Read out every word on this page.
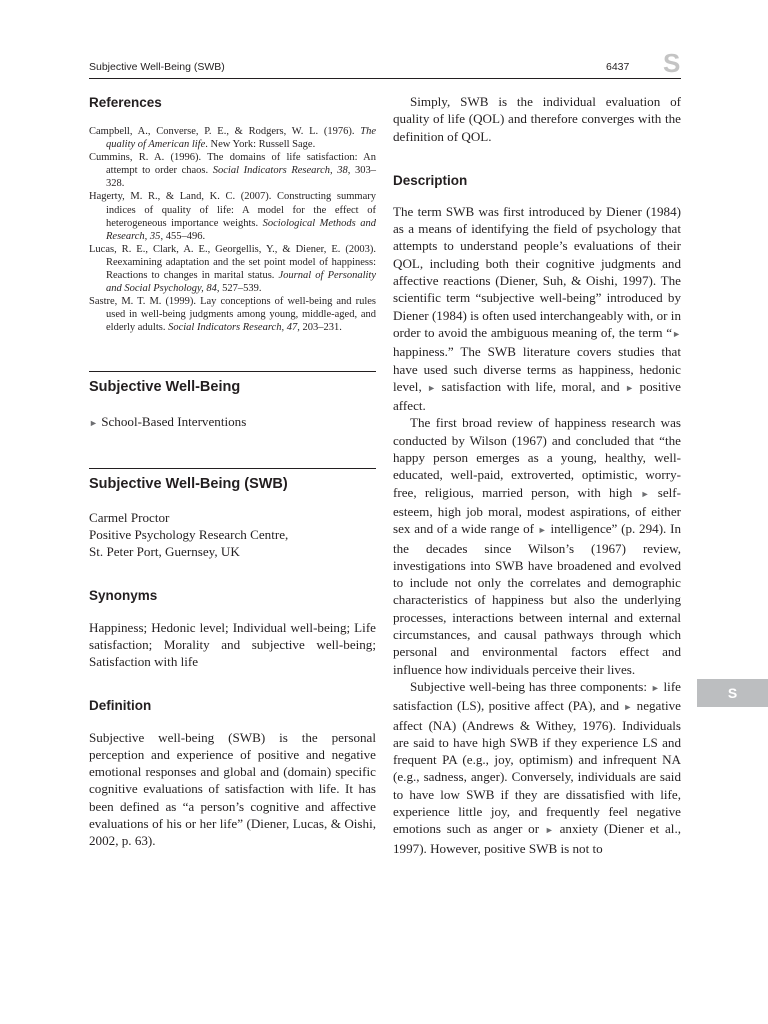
Subjective Well-Being (SWB)	6437 S
References

Campbell, A., Converse, P. E., & Rodgers, W. L. (1976). The quality of American life. New York: Russell Sage.

Cummins, R. A. (1996). The domains of life satisfaction: An attempt to order chaos. Social Indicators Research, 38, 303–328.

Hagerty, M. R., & Land, K. C. (2007). Constructing summary indices of quality of life: A model for the effect of heterogeneous importance weights. Sociological Methods and Research, 35, 455–496.

Lucas, R. E., Clark, A. E., Georgellis, Y., & Diener, E. (2003). Reexamining adaptation and the set point model of happiness: Reactions to changes in marital status. Journal of Personality and Social Psychology, 84, 527–539.

Sastre, M. T. M. (1999). Lay conceptions of well-being and rules used in well-being judgments among young, middle-aged, and elderly adults. Social Indicators Research, 47, 203–231.

Subjective Well-Being

► School-Based Interventions

Subjective Well-Being (SWB)

Carmel Proctor

Positive Psychology Research Centre,

St. Peter Port, Guernsey, UK

Synonyms

Happiness; Hedonic level; Individual well-being; Life satisfaction; Morality and subjective well-being; Satisfaction with life

Definition

Subjective well-being (SWB) is the personal perception and experience of positive and negative emotional responses and global and (domain) specific cognitive evaluations of satisfaction with life. It has been defined as “a person’s cognitive and affective evaluations of his or her life” (Diener, Lucas, & Oishi, 2002, p. 63).

Simply, SWB is the individual evaluation of quality of life (QOL) and therefore converges with the definition of QOL.

Description

The term SWB was first introduced by Diener (1984) as a means of identifying the field of psychology that attempts to understand people’s evaluations of their QOL, including both their cognitive judgments and affective reactions (Diener, Suh, & Oishi, 1997). The scientific term “subjective well-being” introduced by Diener (1984) is often used interchangeably with, or in order to avoid the ambiguous meaning of, the term “► happiness.” The SWB literature covers studies that have used such diverse terms as happiness, hedonic level, ► satisfaction with life, moral, and ► positive affect.

The first broad review of happiness research was conducted by Wilson (1967) and concluded that “the happy person emerges as a young, healthy, well-educated, well-paid, extroverted, optimistic, worry-free, religious, married person, with high ► self-esteem, high job moral, modest aspirations, of either sex and of a wide range of ► intelligence” (p. 294). In the decades since Wilson’s (1967) review, investigations into SWB have broadened and evolved to include not only the correlates and demographic characteristics of happiness but also the underlying processes, interactions between internal and external circumstances, and causal pathways through which personal and environmental factors effect and influence how individuals perceive their lives.

Subjective well-being has three components: ► life satisfaction (LS), positive affect (PA), and ► negative affect (NA) (Andrews & Withey, 1976). Individuals are said to have high SWB if they experience LS and frequent PA (e.g., joy, optimism) and infrequent NA (e.g., sadness, anger). Conversely, individuals are said to have low SWB if they are dissatisfied with life, experience little joy, and frequently feel negative emotions such as anger or ► anxiety (Diener et al., 1997). However, positive SWB is not to

S
